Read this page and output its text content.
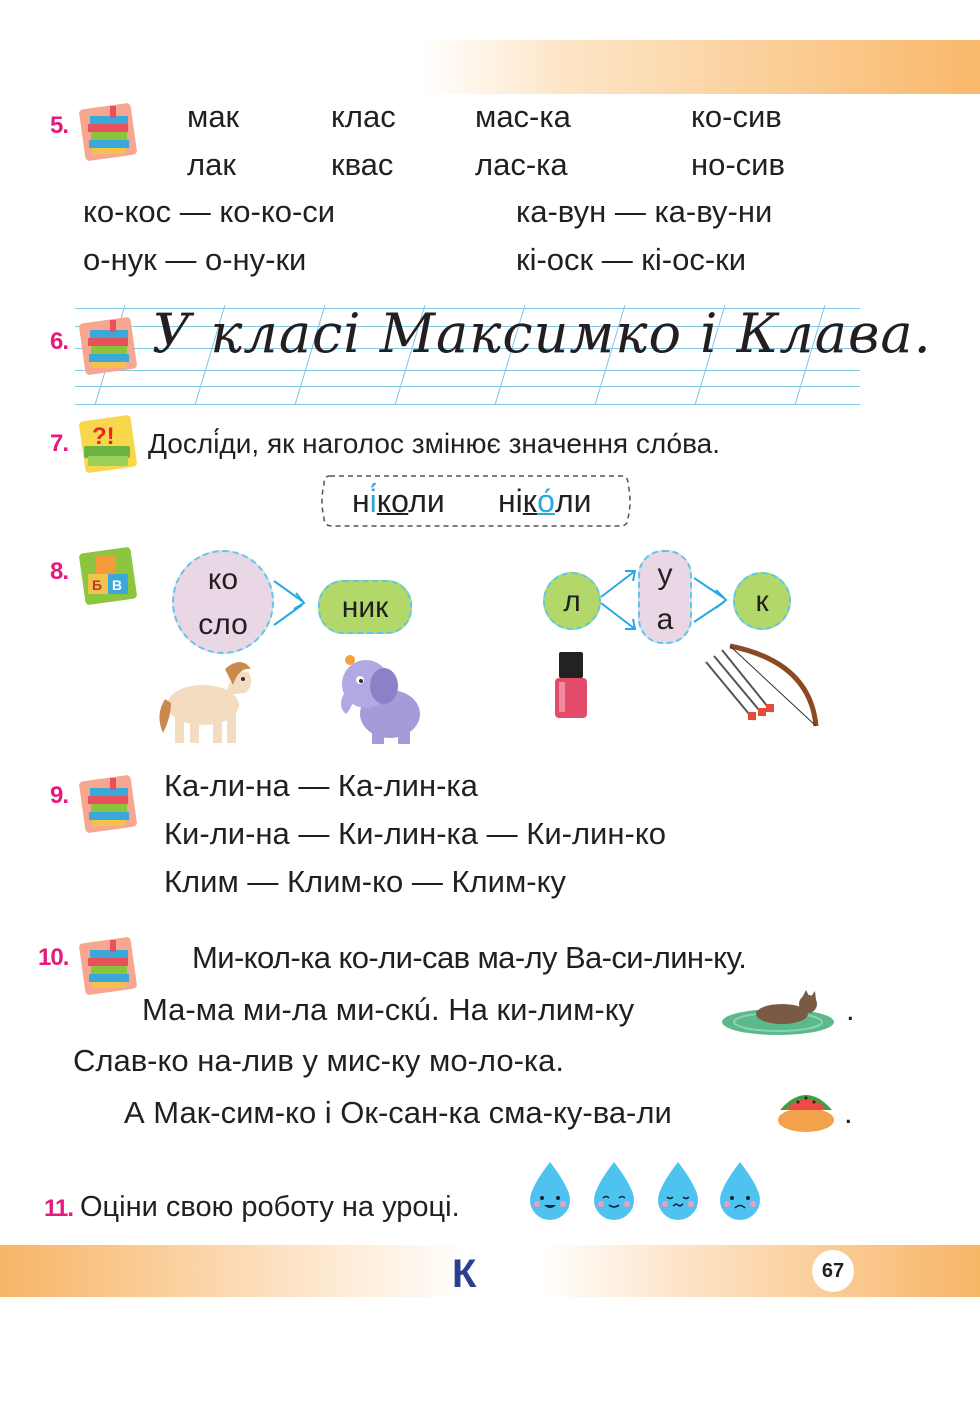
5.	мак	клас	мас-ка	ко-сив
лак	квас	лас-ка	но-сив
ко-кос — ко-ко-си	ка-вун — ка-ву-ни
о-нук — о-ну-ки	кі-оск — кі-ос-ки
6. У класі Максимко і Клава.
7. ?! Дослі́ди, як наголос змінює значення сло́ва.
ні́коли ніко́ли
8. Б В	ко
сло
ник	л
у
а
к
9.	Ка-ли-на — Ка-лин-ка
Ки-ли-на — Ки-лин-ка — Ки-лин-ко
Клим — Клим-ко — Клим-ку
10.	Ми-кол-ка ко-ли-сав ма-лу Ва-си-лин-ку.
Ма-ма ми-ла ми-скú. На ки-лим-ку	.
Слав-ко на-лив у мис-ку мо-ло-ка.
А Мак-сим-ко і Ок-сан-ка сма-ку-ва-ли	.
11. Оціни свою роботу на уроці.
К	67
